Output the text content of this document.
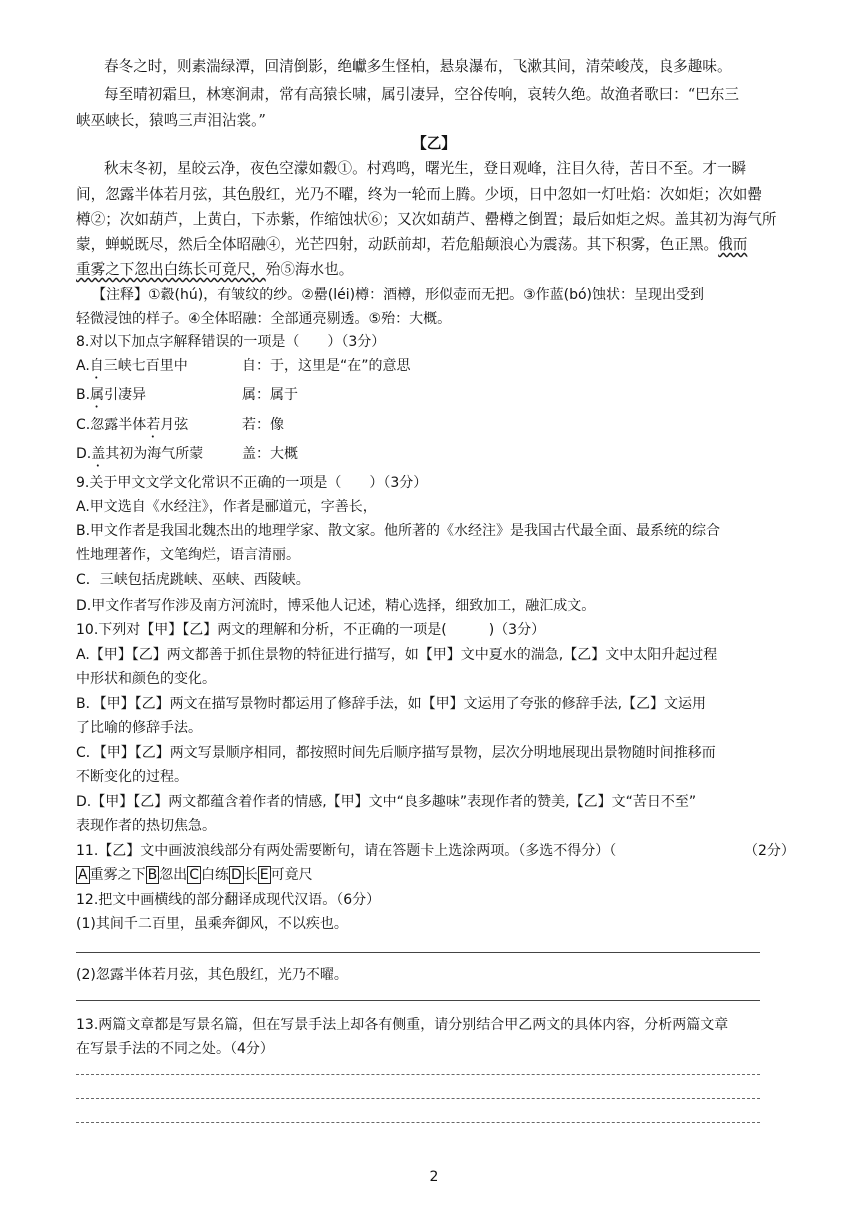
春冬之时，则素湍绿潭，回清倒影，绝巘多生怪柏，悬泉瀑布，飞漱其间，清荣峻茂，良多趣味。
每至晴初霜旦，林寒涧肃，常有高猿长啸，属引凄异，空谷传响，哀转久绝。故渔者歌曰：“巴东三
峡巫峡长，猿鸣三声泪沾裳。”
【乙】
秋末冬初，星皎云净，夜色空濛如縠①。村鸡鸣，曙光生，登日观峰，注目久待，苦日不至。才一瞬
间，忽露半体若月弦，其色殷红，光乃不曜，终为一轮而上腾。少顷，日中忽如一灯吐焰：次如炬；次如罍
樽②；次如葫芦，上黄白，下赤紫，作缩蚀状⑥；又次如葫芦、罍樽之倒置；最后如炬之烬。盖其初为海气所
蒙，蝉蜕既尽，然后全体昭融④，光芒四射，动跃前却，若危船颠浪心为震荡。其下积雾，色正黑。俄而
重雾之下忽出白练长可竟尺，殆⑤海水也。
【注释】①縠(hú)，有皱纹的纱。②罍(léi)樽：酒樽，形似壶而无把。③作蓝(bó)蚀状：呈现出受到
轻微浸蚀的样子。④全体昭融：全部通亮剔透。⑤殆：大概。
8.对以下加点字解释错误的一项是（　　）（3分）
A.自三峡七百里中	自：于，这里是“在”的意思
B.属引凄异	属：属于
C.忽露半体若月弦	若：像
D.盖其初为海气所蒙	盖：大概
9.关于甲文文学文化常识不正确的一项是（　　）（3分）
A.甲文选自《水经注》，作者是郦道元，字善长，
B.甲文作者是我国北魏杰出的地理学家、散文家。他所著的《水经注》是我国古代最全面、最系统的综合
性地理著作，文笔绚烂，语言清丽。
C．三峡包括虎跳峡、巫峡、西陵峡。
D.甲文作者写作涉及南方河流时，博采他人记述，精心选择，细致加工，融汇成文。
10.下列对【甲】【乙】两文的理解和分析，不正确的一项是(　　　)（3分）
A.【甲】【乙】两文都善于抓住景物的特征进行描写，如【甲】文中夏水的湍急,【乙】文中太阳升起过程
中形状和颜色的变化。
B．【甲】【乙】两文在描写景物时都运用了修辞手法，如【甲】文运用了夸张的修辞手法,【乙】文运用
了比喻的修辞手法。
C．【甲】【乙】两文写景顺序相同，都按照时间先后顺序描写景物，层次分明地展现出景物随时间推移而
不断变化的过程。
D.【甲】【乙】两文都蕴含着作者的情感,【甲】文中“良多趣味”表现作者的赞美,【乙】文“苦日不至”
表现作者的热切焦急。
11.【乙】文中画波浪线部分有两处需要断句，请在答题卡上选涂两项。（多选不得分）（	（2分）
A 重雾之下 B 忽出 C 白练 D 长 E 可竟尺
12.把文中画横线的部分翻译成现代汉语。（6分）
(1)其间千二百里，虽乘奔御风，不以疾也。
(2)忽露半体若月弦，其色殷红，光乃不曜。
13.两篇文章都是写景名篇，但在写景手法上却各有侧重，请分别结合甲乙两文的具体内容，分析两篇文章
在写景手法的不同之处。（4分）
2
